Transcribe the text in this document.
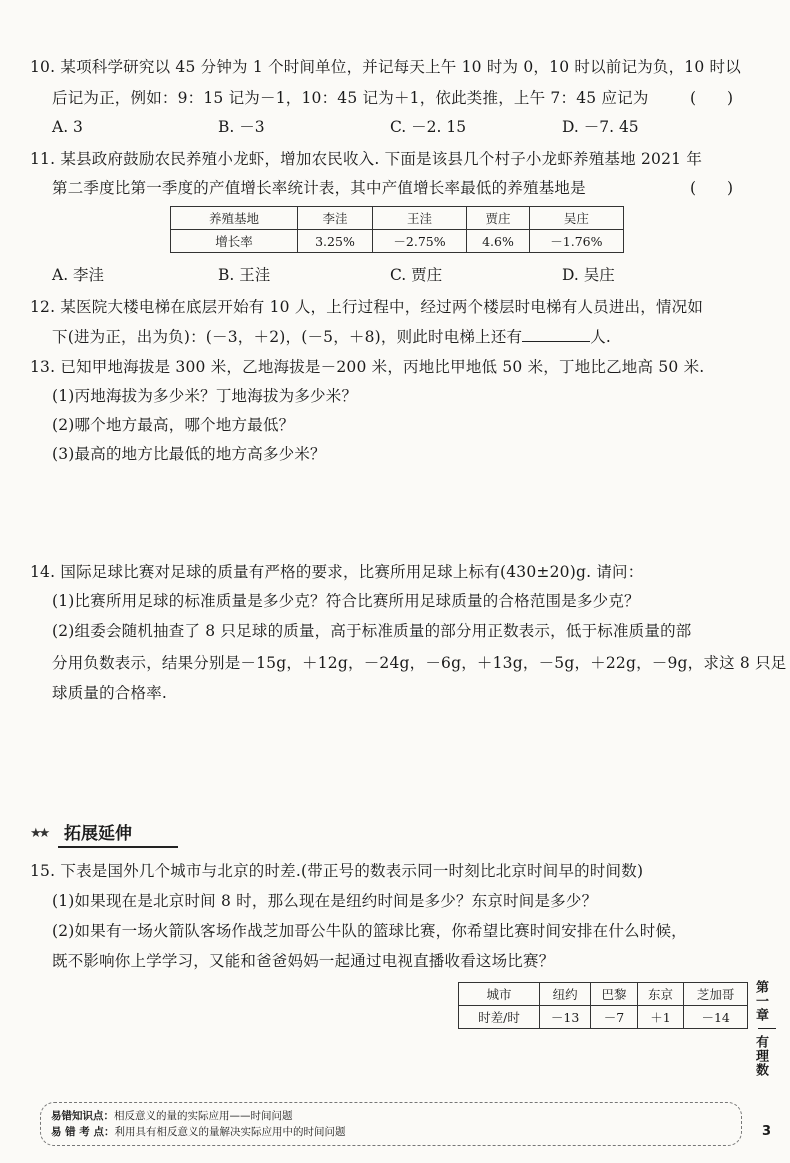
10. 某项科学研究以 45 分钟为 1 个时间单位，并记每天上午 10 时为 0，10 时以前记为负，10 时以
后记为正，例如：9：15 记为－1，10：45 记为＋1，依此类推，上午 7：45 应记为	(　　)
A. 3	B. －3	C. －2. 15	D. －7. 45
11. 某县政府鼓励农民养殖小龙虾，增加农民收入. 下面是该县几个村子小龙虾养殖基地 2021 年
第二季度比第一季度的产值增长率统计表，其中产值增长率最低的养殖基地是	(　　)
养殖基地	李洼	王洼	贾庄	吴庄
增长率	3.25%	－2.75%	4.6%	－1.76%
A. 李洼	B. 王洼	C. 贾庄	D. 吴庄
12. 某医院大楼电梯在底层开始有 10 人，上行过程中，经过两个楼层时电梯有人员进出，情况如
下(进为正，出为负)：(－3，＋2)，(－5，＋8)，则此时电梯上还有	人.
13. 已知甲地海拔是 300 米，乙地海拔是－200 米，丙地比甲地低 50 米，丁地比乙地高 50 米.
(1)丙地海拔为多少米？丁地海拔为多少米？
(2)哪个地方最高，哪个地方最低？
(3)最高的地方比最低的地方高多少米？
14. 国际足球比赛对足球的质量有严格的要求，比赛所用足球上标有(430±20)g. 请问：
(1)比赛所用足球的标准质量是多少克？符合比赛所用足球质量的合格范围是多少克？
(2)组委会随机抽查了 8 只足球的质量，高于标准质量的部分用正数表示，低于标准质量的部
分用负数表示，结果分别是－15g，＋12g，－24g，－6g，＋13g，－5g，＋22g，－9g，求这 8 只足
球质量的合格率.
★★ 拓展延伸
15. 下表是国外几个城市与北京的时差.(带正号的数表示同一时刻比北京时间早的时间数)
(1)如果现在是北京时间 8 时，那么现在是纽约时间是多少？东京时间是多少？
(2)如果有一场火箭队客场作战芝加哥公牛队的篮球比赛，你希望比赛时间安排在什么时候，
既不影响你上学学习，又能和爸爸妈妈一起通过电视直播收看这场比赛？
城市	纽约	巴黎	东京	芝加哥
时差/时	－13	－7	＋1	－14 第一章
有理数
易错知识点：相反意义的量的实际应用——时间问题
易 错 考 点：利用具有相反意义的量解决实际应用中的时间问题	3
